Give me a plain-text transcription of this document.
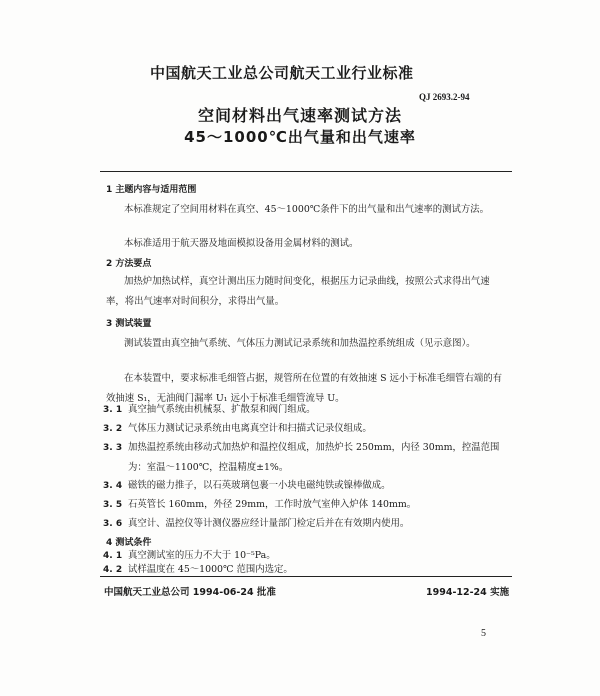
中国航天工业总公司航天工业行业标准
QJ 2693.2-94
空间材料出气速率测试方法
45～1000℃出气量和出气速率
1 主题内容与适用范围
本标准规定了空间用材料在真空、45～1000℃条件下的出气量和出气速率的测试方法。
本标准适用于航天器及地面模拟设备用金属材料的测试。
2 方法要点
加热炉加热试样，真空计测出压力随时间变化，根据压力记录曲线，按照公式求得出气速率，将出气速率对时间积分，求得出气量。
3 测试装置
测试装置由真空抽气系统、气体压力测试记录系统和加热温控系统组成（见示意图）。
在本装置中，要求标准毛细管占据，规管所在位置的有效抽速 S 远小于标准毛细管右端的有效抽速 S₁，无油阀门漏率 U₁ 远小于标准毛细管流导 U。
3. 1 真空抽气系统由机械泵、扩散泵和阀门组成。
3. 2 气体压力测试记录系统由电离真空计和扫描式记录仪组成。
3. 3 加热温控系统由移动式加热炉和温控仪组成，加热炉长 250mm，内径 30mm，控温范围为：室温～1100℃，控温精度±1%。
3. 4 磁铁的磁力推子，以石英玻璃包裹一小块电磁纯铁或镍棒做成。
3. 5 石英管长 160mm，外径 29mm，工作时放气室伸入炉体 140mm。
3. 6 真空计、温控仪等计测仪器应经计量部门检定后并在有效期内使用。
4 测试条件
4. 1 真空测试室的压力不大于 10⁻⁵Pa。
4. 2 试样温度在 45～1000℃ 范围内选定。
中国航天工业总公司 1994-06-24 批准	1994-12-24 实施
5
